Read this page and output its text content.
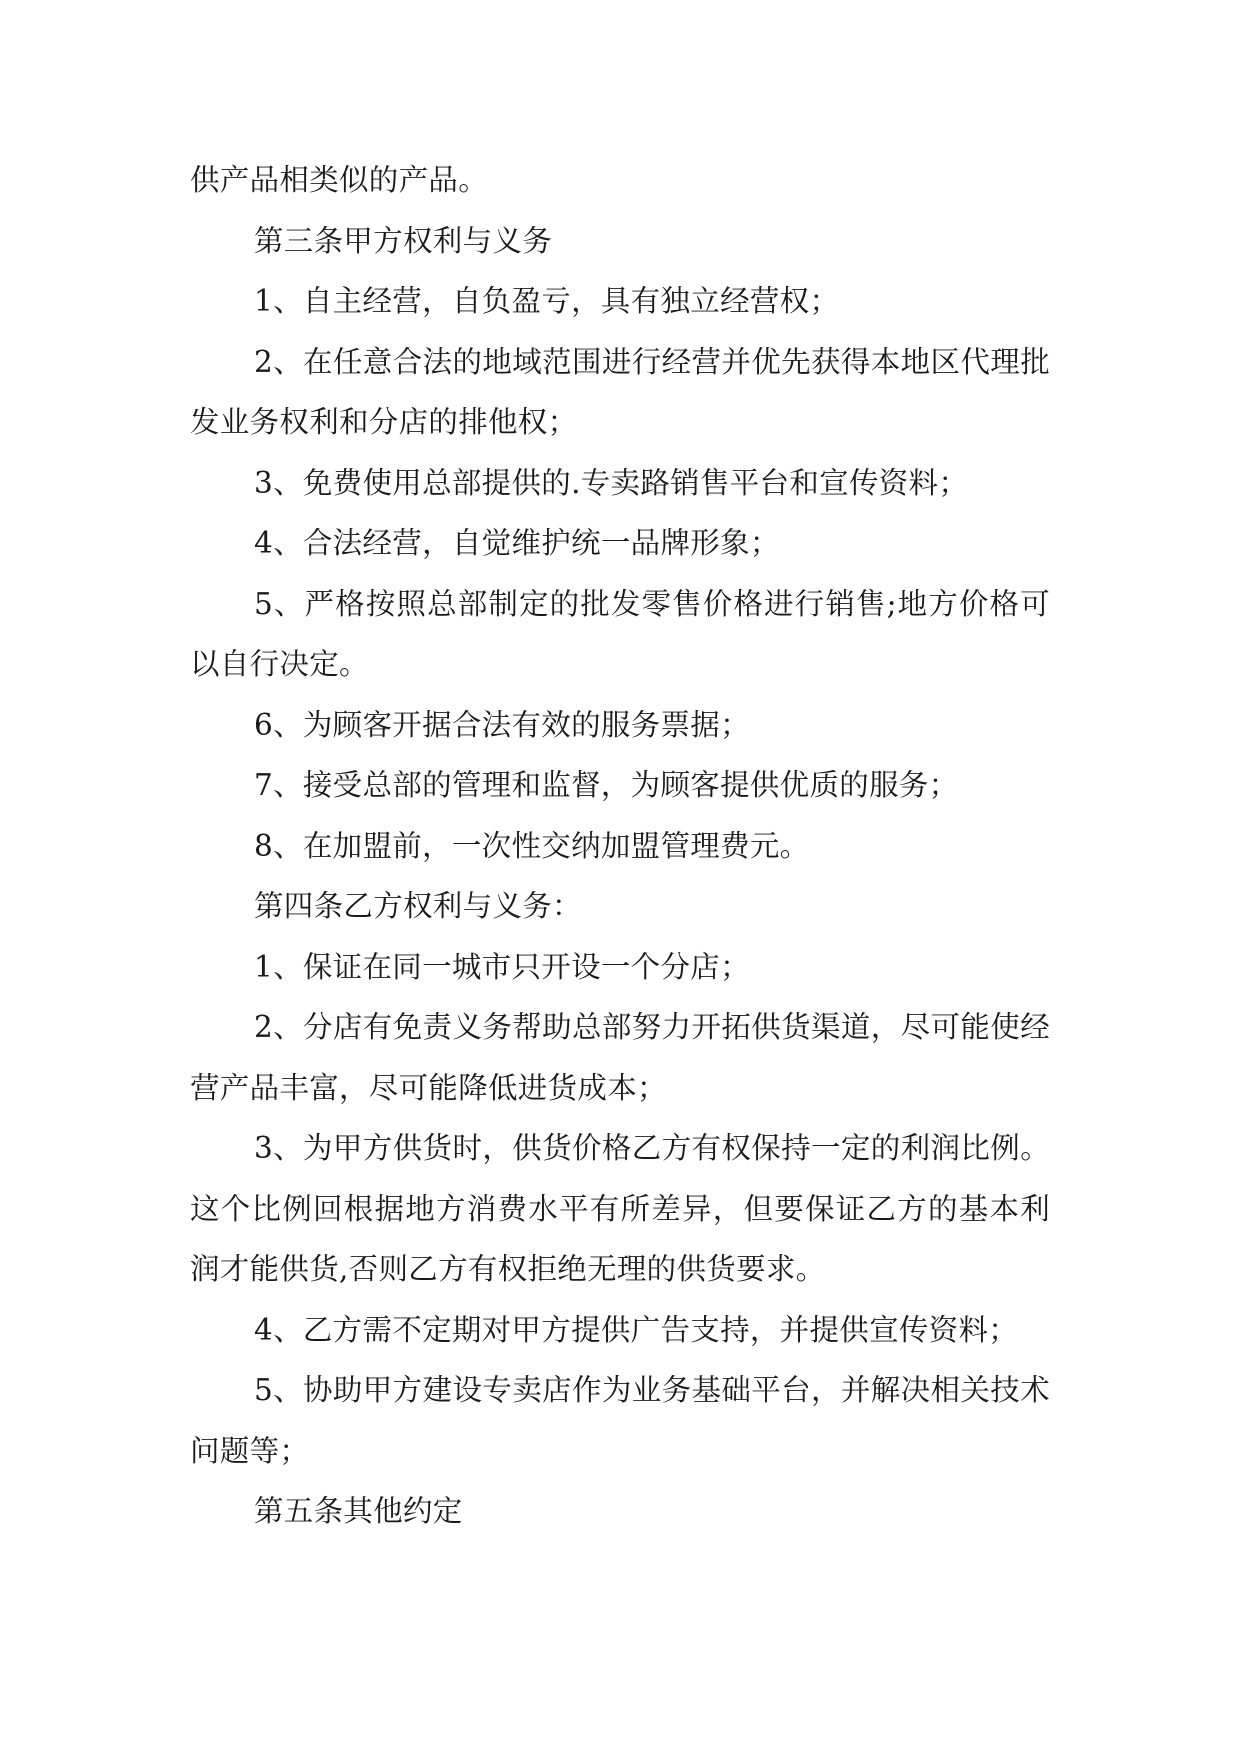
供产品相类似的产品。

第三条甲方权利与义务

1、自主经营，自负盈亏，具有独立经营权；

2、在任意合法的地域范围进行经营并优先获得本地区代理批发业务权利和分店的排他权；

3、免费使用总部提供的.专卖路销售平台和宣传资料；

4、合法经营，自觉维护统一品牌形象；

5、严格按照总部制定的批发零售价格进行销售;地方价格可以自行决定。

6、为顾客开据合法有效的服务票据；

7、接受总部的管理和监督，为顾客提供优质的服务；

8、在加盟前，一次性交纳加盟管理费元。

第四条乙方权利与义务：

1、保证在同一城市只开设一个分店；

2、分店有免责义务帮助总部努力开拓供货渠道，尽可能使经营产品丰富，尽可能降低进货成本；

3、为甲方供货时，供货价格乙方有权保持一定的利润比例。这个比例回根据地方消费水平有所差异，但要保证乙方的基本利润才能供货,否则乙方有权拒绝无理的供货要求。

4、乙方需不定期对甲方提供广告支持，并提供宣传资料；

5、协助甲方建设专卖店作为业务基础平台，并解决相关技术问题等；

第五条其他约定
